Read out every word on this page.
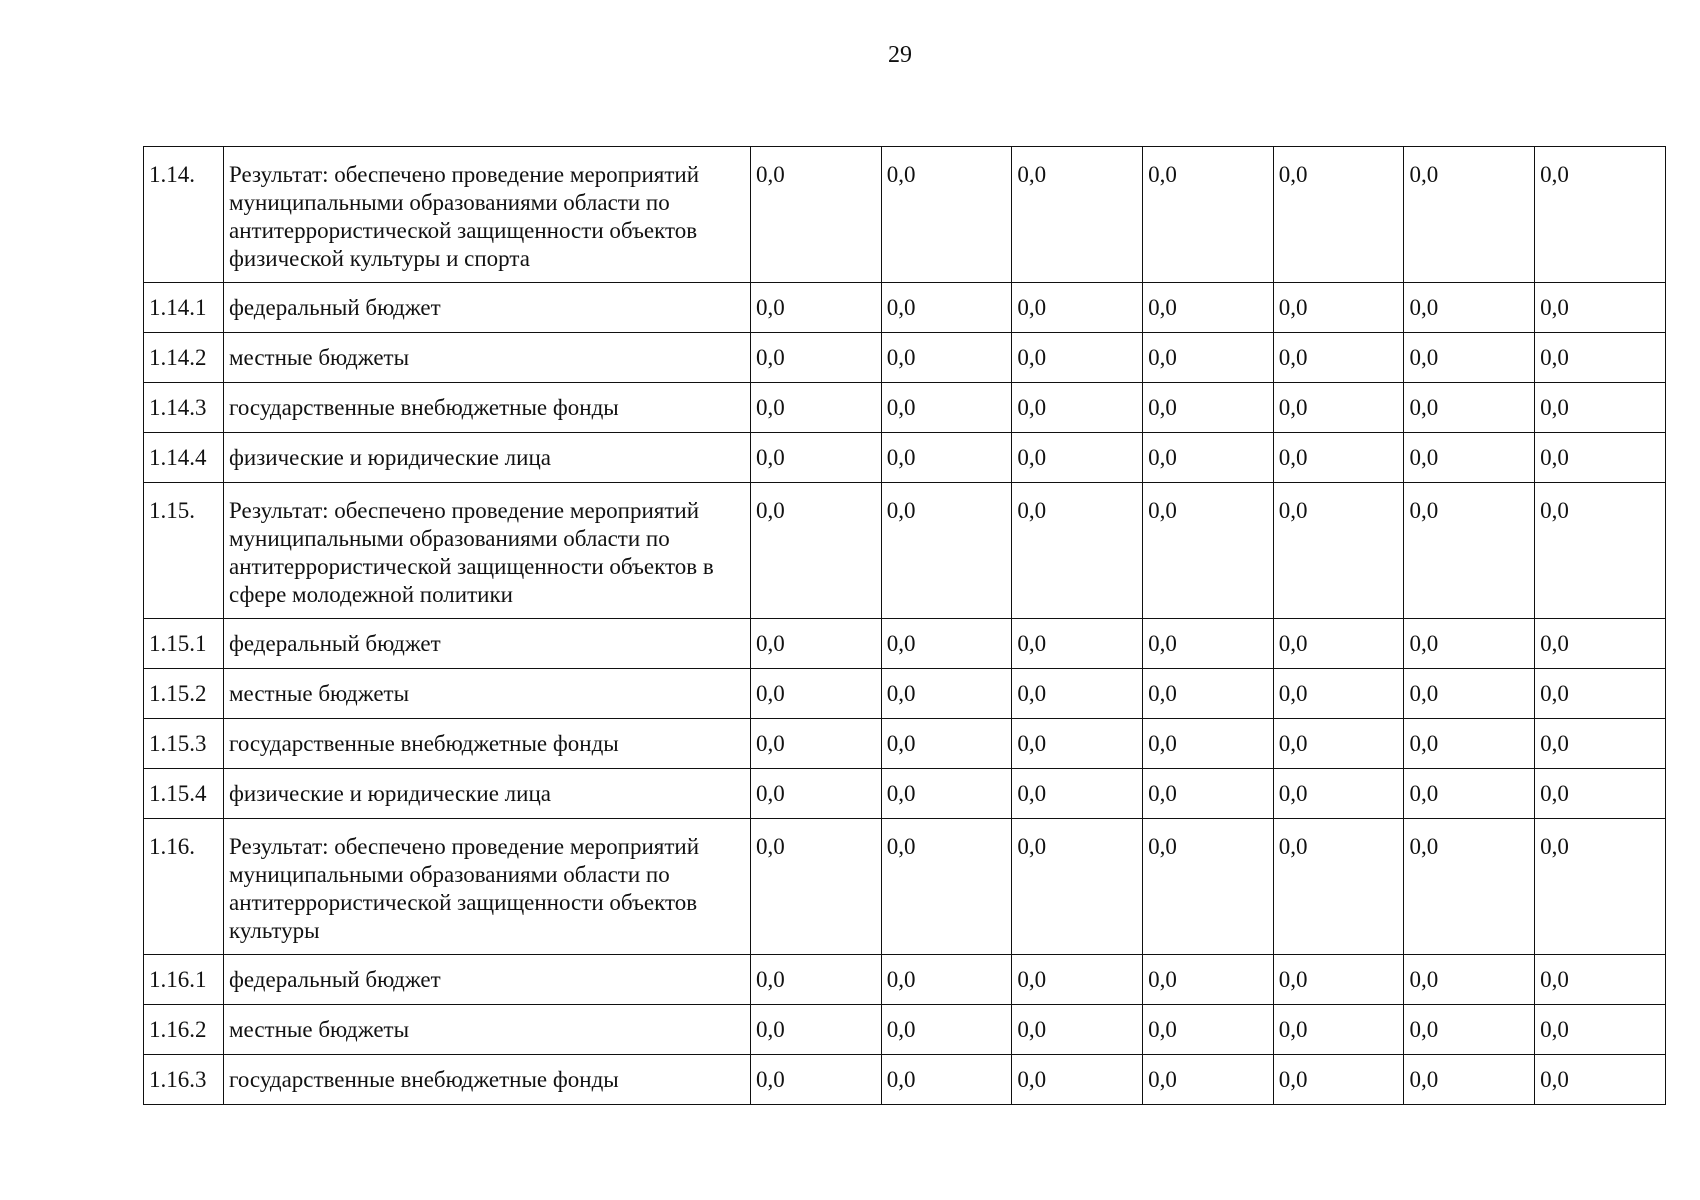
29
1.14.	Результат: обеспечено проведение мероприятий муниципальными образованиями области по антитеррористической защищенности объектов физической культуры и спорта	0,0	0,0	0,0	0,0	0,0	0,0	0,0
1.14.1	федеральный бюджет	0,0	0,0	0,0	0,0	0,0	0,0	0,0
1.14.2	местные бюджеты	0,0	0,0	0,0	0,0	0,0	0,0	0,0
1.14.3	государственные внебюджетные фонды	0,0	0,0	0,0	0,0	0,0	0,0	0,0
1.14.4	физические и юридические лица	0,0	0,0	0,0	0,0	0,0	0,0	0,0
1.15.	Результат: обеспечено проведение мероприятий муниципальными образованиями области по антитеррористической защищенности объектов в сфере молодежной политики	0,0	0,0	0,0	0,0	0,0	0,0	0,0
1.15.1	федеральный бюджет	0,0	0,0	0,0	0,0	0,0	0,0	0,0
1.15.2	местные бюджеты	0,0	0,0	0,0	0,0	0,0	0,0	0,0
1.15.3	государственные внебюджетные фонды	0,0	0,0	0,0	0,0	0,0	0,0	0,0
1.15.4	физические и юридические лица	0,0	0,0	0,0	0,0	0,0	0,0	0,0
1.16.	Результат: обеспечено проведение мероприятий муниципальными образованиями области по антитеррористической защищенности объектов культуры	0,0	0,0	0,0	0,0	0,0	0,0	0,0
1.16.1	федеральный бюджет	0,0	0,0	0,0	0,0	0,0	0,0	0,0
1.16.2	местные бюджеты	0,0	0,0	0,0	0,0	0,0	0,0	0,0
1.16.3	государственные внебюджетные фонды	0,0	0,0	0,0	0,0	0,0	0,0	0,0
